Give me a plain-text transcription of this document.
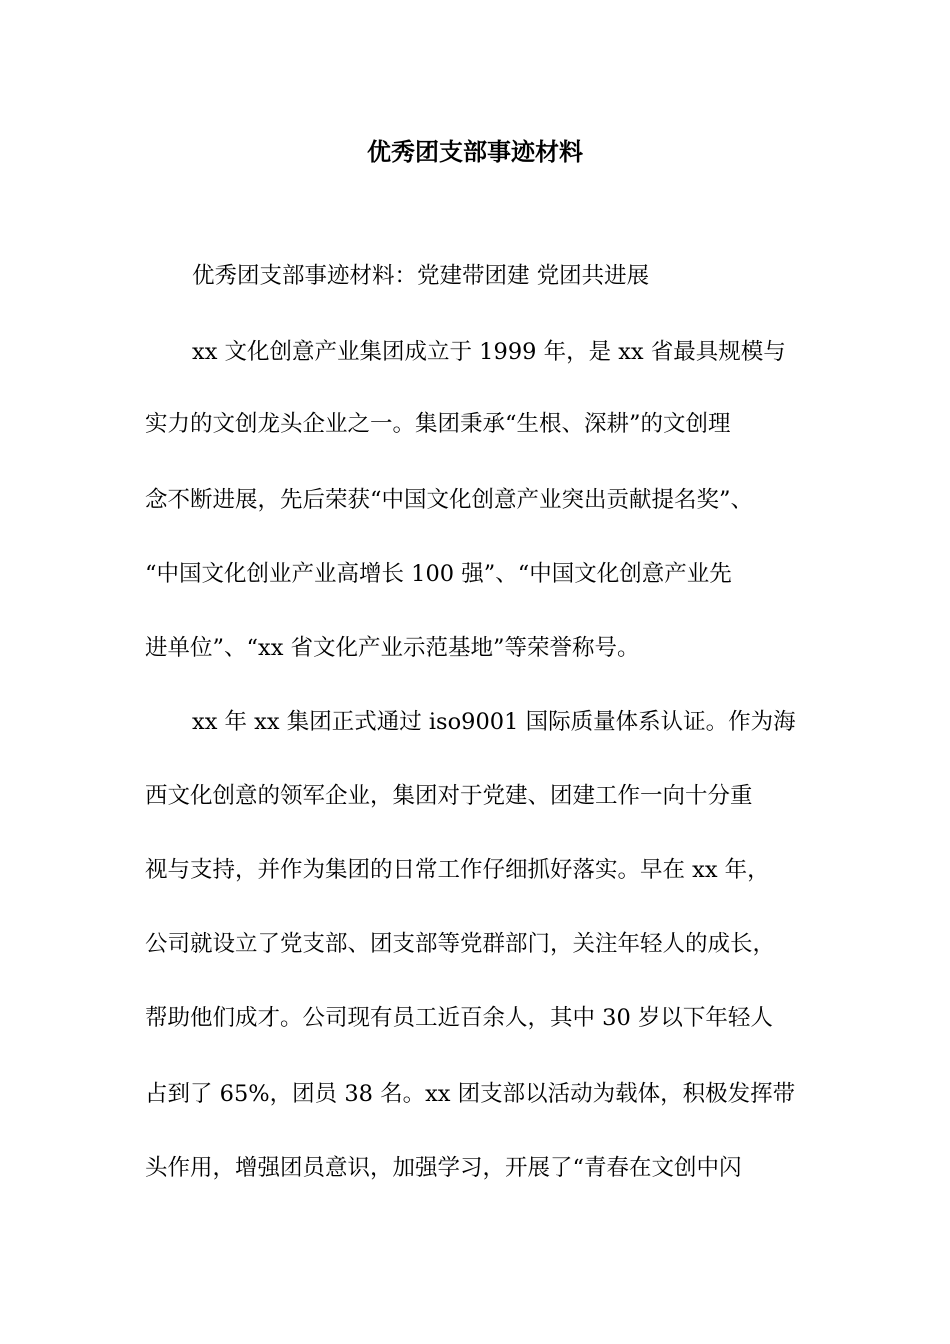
优秀团支部事迹材料
优秀团支部事迹材料：党建带团建 党团共进展
xx 文化创意产业集团成立于 1999 年，是 xx 省最具规模与
实力的文创龙头企业之一。集团秉承“生根、深耕”的文创理
念不断进展，先后荣获“中国文化创意产业突出贡献提名奖”、
“中国文化创业产业高增长 100 强”、“中国文化创意产业先
进单位”、“xx 省文化产业示范基地”等荣誉称号。
xx 年 xx 集团正式通过 iso9001 国际质量体系认证。作为海
西文化创意的领军企业，集团对于党建、团建工作一向十分重
视与支持，并作为集团的日常工作仔细抓好落实。早在 xx 年，
公司就设立了党支部、团支部等党群部门，关注年轻人的成长，
帮助他们成才。公司现有员工近百余人，其中 30 岁以下年轻人
占到了 65%，团员 38 名。xx 团支部以活动为载体，积极发挥带
头作用，增强团员意识，加强学习，开展了“青春在文创中闪
